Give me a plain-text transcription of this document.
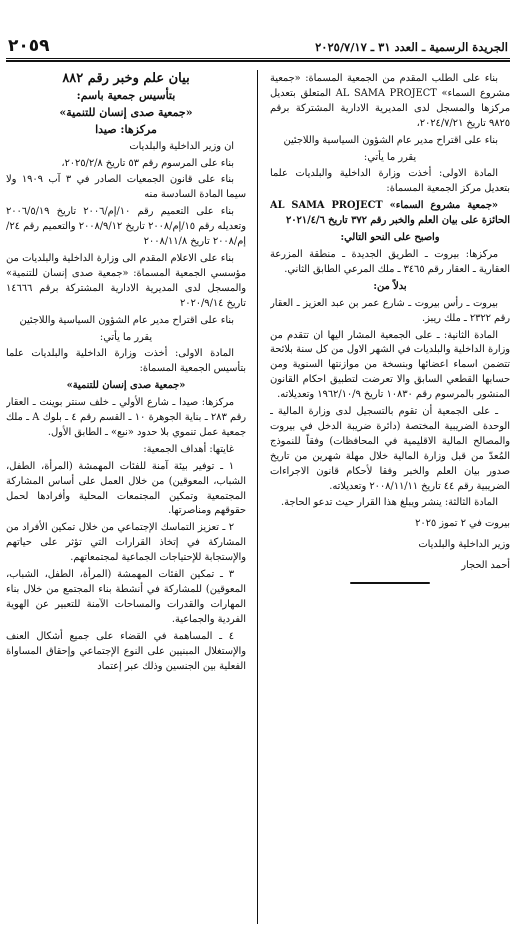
الجريدة الرسمية ـ العدد ٣١ ـ ٢٠٢٥/٧/١٧
٢٠٥٩

بناء على الطلب المقدم من الجمعية المسماة: «جمعية مشروع السماء» AL SAMA PROJECT المتعلق بتعديل مركزها والمسجل لدى المديرية الادارية المشتركة برقم ٩٨٢٥ تاريخ ٢٠٢٤/٧/٢١،

بناء على اقتراح مدير عام الشؤون السياسية واللاجئين

يقرر ما يأتي:

المادة الاولى: أخذت وزارة الداخلية والبلديات علما بتعديل مركز الجمعية المسماة:

«جمعية مشروع السماء» AL SAMA PROJECT الحائزة على بيان العلم والخبر رقم ٣٧٢ تاريخ ٢٠٢١/٤/٦

واصبح على النحو التالي:

مركزها: بيروت ـ الطريق الجديدة ـ منطقة المزرعة العقارية ـ العقار رقم ٣٤٦٥ ـ ملك المرعي الطابق الثاني.

بدلاً من:

بيروت ـ رأس بيروت ـ شارع عمر بن عبد العزيز ـ العقار رقم ٢٣٢٢ ـ ملك ريبز.

المادة الثانية: ـ على الجمعية المشار اليها ان تتقدم من وزارة الداخلية والبلديات في الشهر الاول من كل سنة بلائحة تتضمن اسماء اعضائها وبنسخة من موازنتها السنوية ومن حسابها القطعي السابق والا تعرضت لتطبيق احكام القانون المنشور بالمرسوم رقم ١٠٨٣٠ تاريخ ١٩٦٢/١٠/٩ وتعديلاته.

ـ على الجمعية أن تقوم بالتسجيل لدى وزارة المالية ـ الوحدة الضريبية المختصة (دائرة ضريبة الدخل في بيروت والمصالح المالية الاقليمية في المحافظات) وفقاً للنموذج المُعدّ من قبل وزارة المالية خلال مهلة شهرين من تاريخ صدور بيان العلم والخبر وفقا لأحكام قانون الاجراءات الضريبية رقم ٤٤ تاريخ ٢٠٠٨/١١/١١ وتعديلاته.

المادة الثالثة: ينشر ويبلغ هذا القرار حيث تدعو الحاجة.

بيروت في ٢ تموز ٢٠٢٥

وزير الداخلية والبلديات

أحمد الحجار

بيان علم وخبر رقم ٨٨٢

بتأسيس جمعية باسم:

«جمعية صدى إنسان للتنمية»

مركزها: صيدا

ان وزير الداخلية والبلديات

بناء على المرسوم رقم ٥٣ تاريخ ٢٠٢٥/٢/٨،

بناء على قانون الجمعيات الصادر في ٣ آب ١٩٠٩ ولا سيما المادة السادسة منه

بناء على التعميم رقم ١٠/إم/٢٠٠٦ تاريخ ٢٠٠٦/٥/١٩ وتعديله رقم ١٥/إم/٢٠٠٨ تاريخ ٢٠٠٨/٩/١٢ والتعميم رقم ٢٤/إم/٢٠٠٨ تاريخ ٢٠٠٨/١١/٨

بناء على الاعلام المقدم الى وزارة الداخلية والبلديات من مؤسسي الجمعية المسماة: «جمعية صدى إنسان للتنمية» والمسجل لدى المديرية الادارية المشتركة برقم ١٤٦٦٦ تاريخ ٢٠٢٠/٩/١٤

بناء على اقتراح مدير عام الشؤون السياسية واللاجئين

يقرر ما يأتي:

المادة الاولى: أخذت وزارة الداخلية والبلديات علما بتأسيس الجمعية المسماة:

«جمعية صدى إنسان للتنمية»

مركزها: صيدا ـ شارع الأولي ـ خلف سنتر بوينت ـ العقار رقم ٢٨٣ ـ بناية الجوهرة ١٠ ـ القسم رقم ٤ ـ بلوك A ـ ملك جمعية عمل تنموي بلا حدود «نبع» ـ الطابق الأول.

غايتها: أهداف الجمعية:

١ ـ توفير بيئة آمنة للفئات المهمشة (المرأة، الطفل، الشباب، المعوقين) من خلال العمل على أساس المشاركة المجتمعية وتمكين المجتمعات المحلية وأفرادها لحمل حقوقهم ومناصرتها.

٢ ـ تعزيز التماسك الإجتماعي من خلال تمكين الأفراد من المشاركة في إتخاذ القرارات التي تؤثر على حياتهم والإستجابة للإحتياجات الجماعية لمجتمعاتهم.

٣ ـ تمكين الفئات المهمشة (المرأة، الطفل، الشباب، المعوقين) للمشاركة في أنشطة بناء المجتمع من خلال بناء المهارات والقدرات والمساحات الآمنة للتعبير عن الهوية الفردية والجماعية.

٤ ـ المساهمة في القضاء على جميع أشكال العنف والإستغلال المبنيين على النوع الإجتماعي وإحقاق المساواة الفعلية بين الجنسين وذلك عبر إعتماد
